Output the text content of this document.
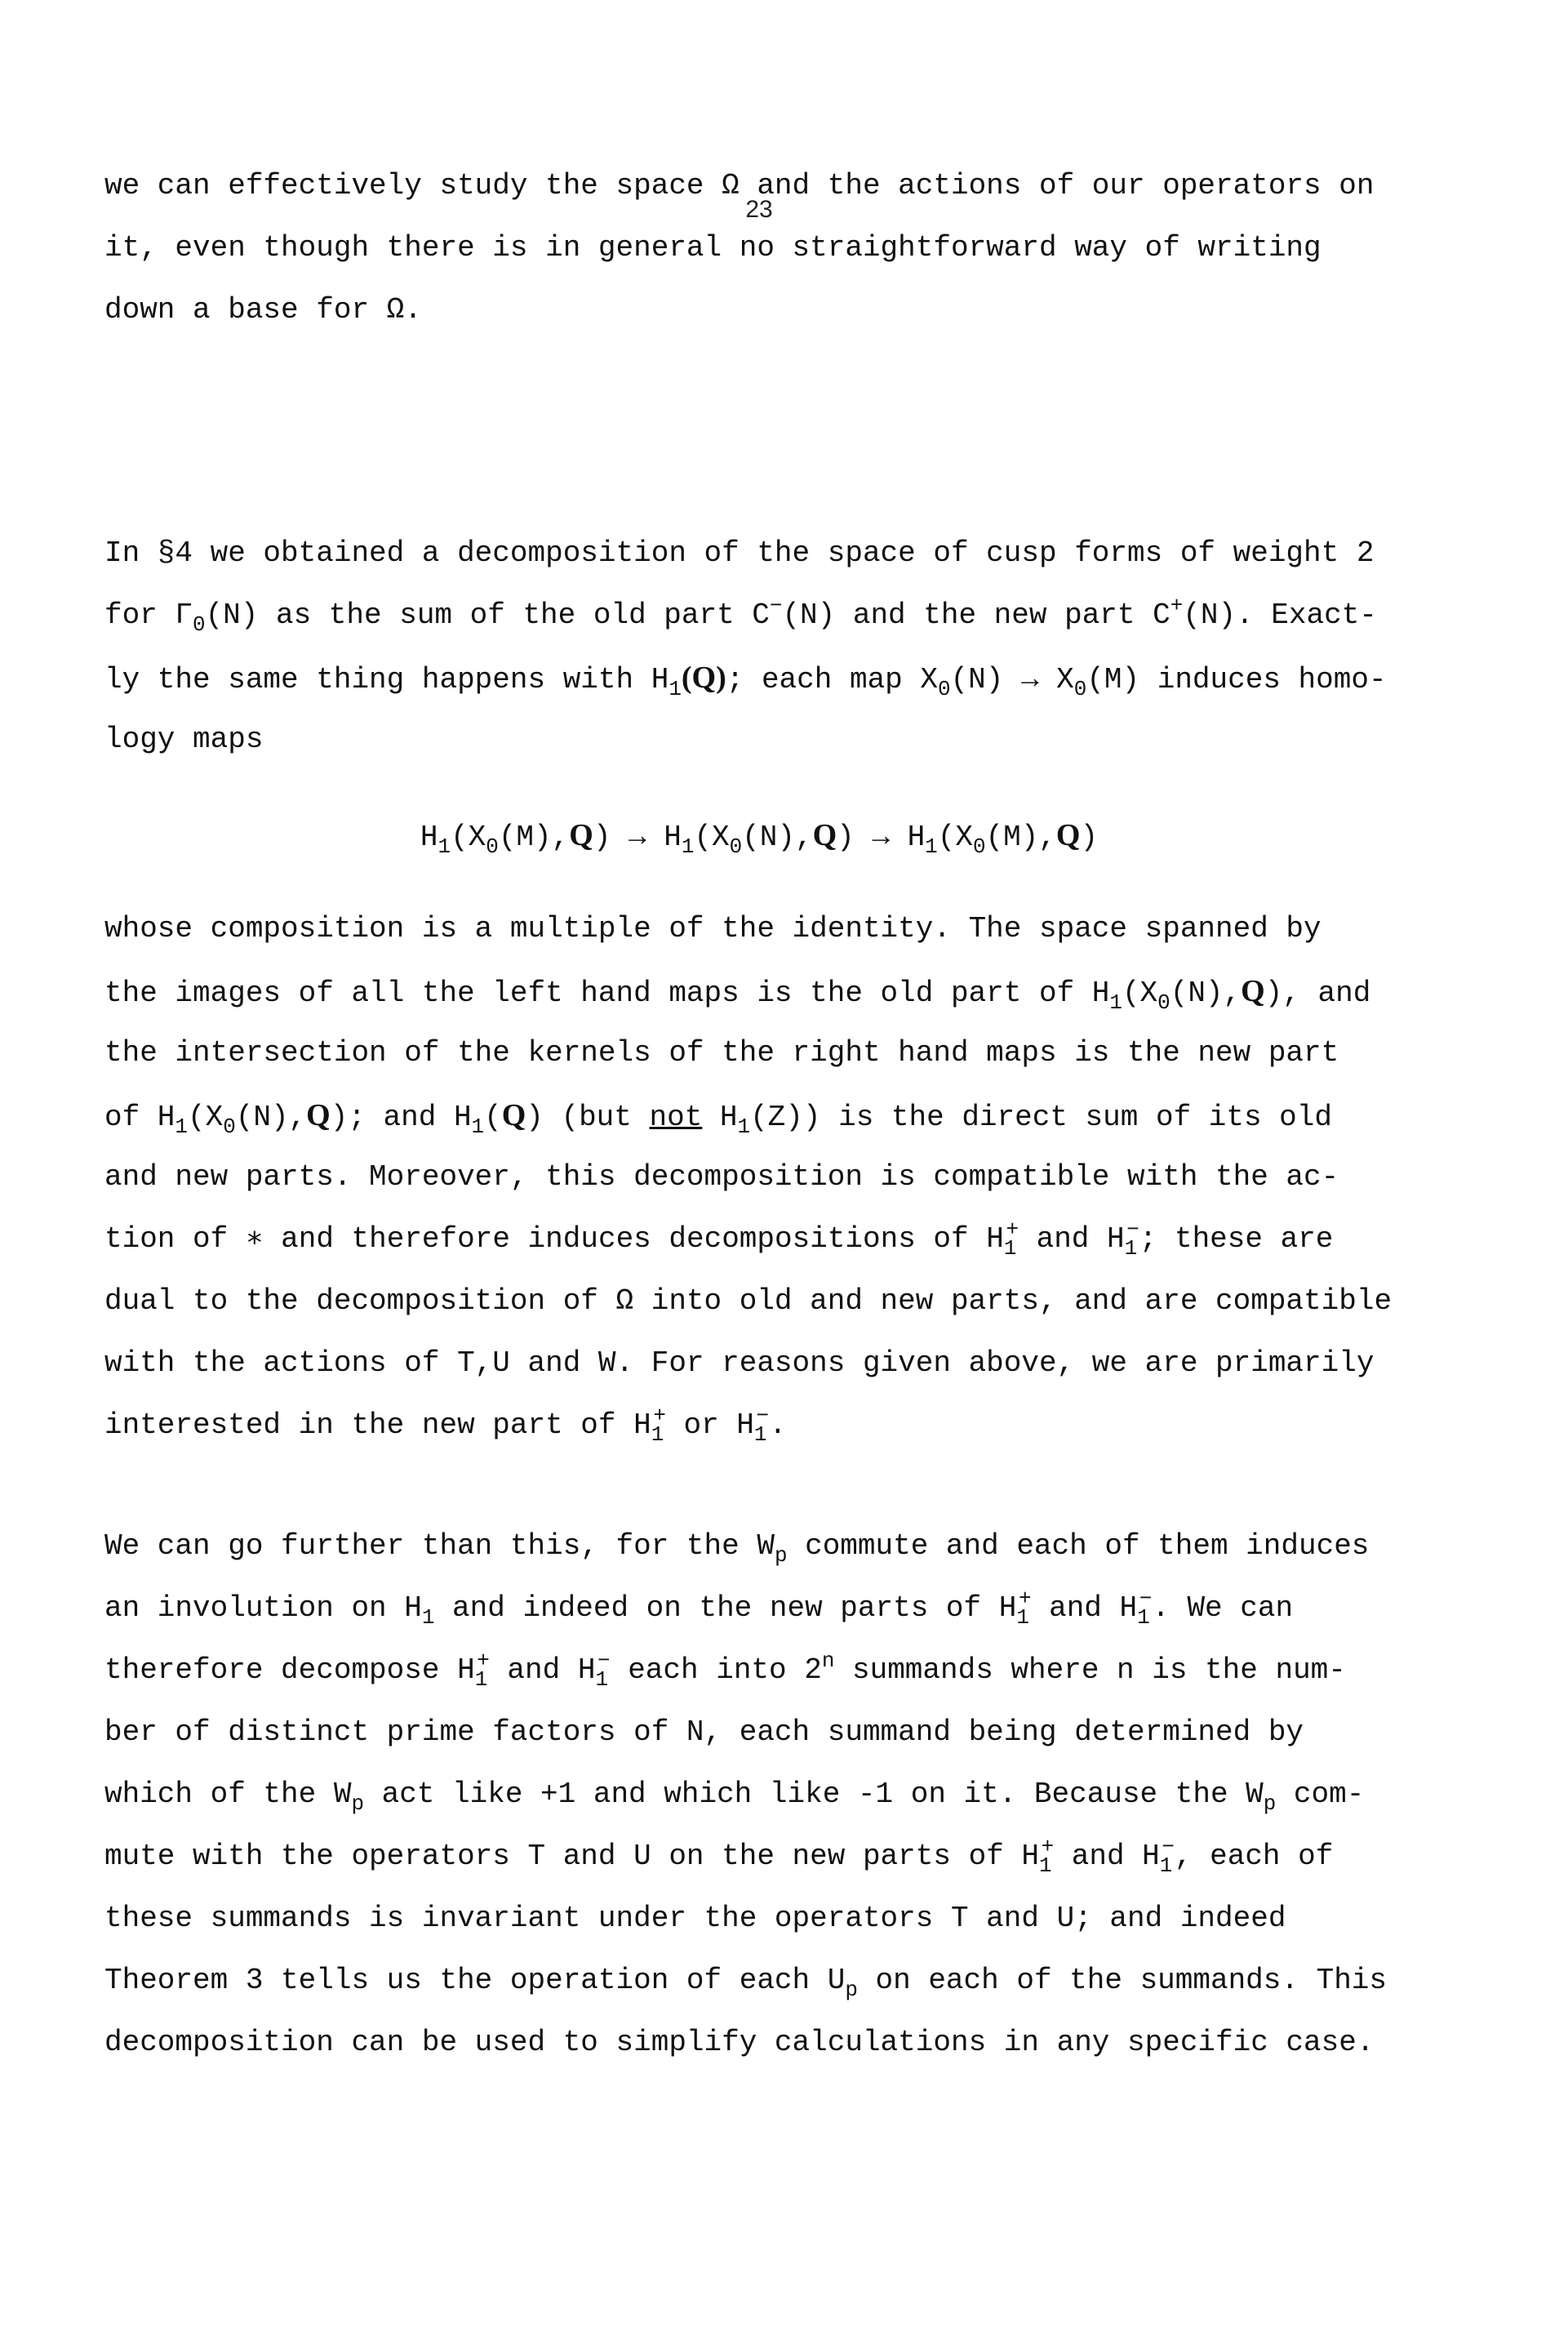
23
we can effectively study the space Ω and the actions of our operators on
it, even though there is in general no straightforward way of writing
down a base for Ω.
In §4 we obtained a decomposition of the space of cusp forms of weight 2
for $\Gamma_0(N)$ as the sum of the old part C−(N) and the new part C+(N). Exact-
ly the same thing happens with $H_1(Q)$; each map $X_0(N) \to X_0(M)$ induces homo-
logy maps
$H_1(X_0(M),Q) \to H_1(X_0(N),Q) \to H_1(X_0(M),Q)$
whose composition is a multiple of the identity. The space spanned by
the images of all the left hand maps is the old part of $H_1(X_0(N),Q)$, and
the intersection of the kernels of the right hand maps is the new part
of $H_1(X_0(N),Q)$; and $H_1(Q)$ (but not $H_1(Z)$) is the direct sum of its old
and new parts. Moreover, this decomposition is compatible with the ac-
tion of ∗ and therefore induces decompositions of $H_1^+$ and $H_1^-$; these are
dual to the decomposition of Ω into old and new parts, and are compatible
with the actions of T,U and W. For reasons given above, we are primarily
interested in the new part of $H_1^+$ or $H_1^-$.
We can go further than this, for the $W_p$ commute and each of them induces
an involution on $H_1$ and indeed on the new parts of $H_1^+$ and $H_1^-$. We can
therefore decompose $H_1^+$ and $H_1^-$ each into 2$^n$ summands where n is the num-
ber of distinct prime factors of N, each summand being determined by
which of the $W_p$ act like +1 and which like -1 on it. Because the $W_p$ com-
mute with the operators T and U on the new parts of $H_1^+$ and $H_1^-$, each of
these summands is invariant under the operators T and U; and indeed
Theorem 3 tells us the operation of each $U_p$ on each of the summands. This
decomposition can be used to simplify calculations in any specific case.
